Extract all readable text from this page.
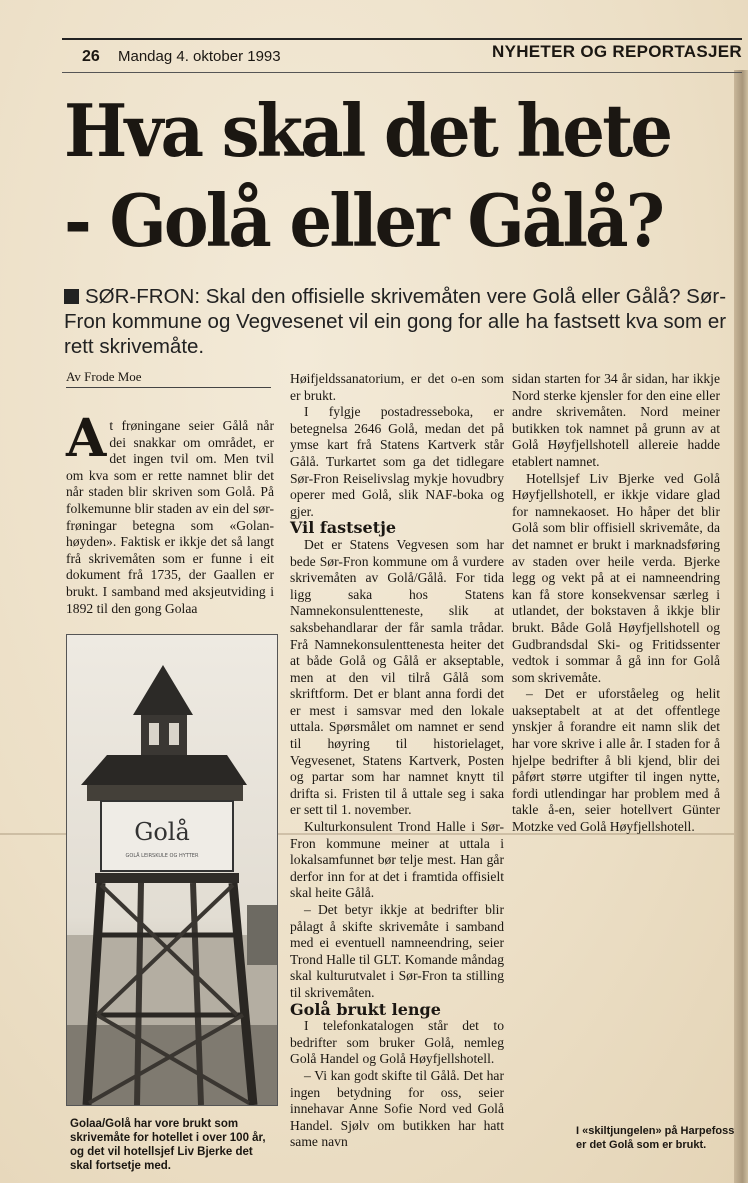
26 Mandag 4. oktober 1993	NYHETER OG REPORTASJER
Hva skal det hete
- Golå eller Gålå?

SØR-FRON: Skal den offisielle skrivemåten vere Golå eller Gålå? Sør-Fron kommune og Vegvesenet vil ein gong for alle ha fastsett kva som er rett skrivemåte.

Av Frode Moe

At frøningane seier Gålå når dei snakkar om området, er det ingen tvil om. Men tvil om kva som er rette namnet blir det når staden blir skriven som Golå. På folkemunne blir staden av ein del sør-frøningar betegna som «Golan-høyden». Faktisk er ikkje det så langt frå skrivemåten som er funne i eit dokument frå 1735, der Gaallen er brukt. I samband med aksjeutviding i 1892 til den gong Golaa

Golå
GOLÅ LEIRSKULE OG HYTTER

Golaa/Golå har vore brukt som skrivemåte for hotellet i over 100 år, og det vil hotellsjef Liv Bjerke det skal fortsetje med.

Høifjeldssanatorium, er det o-en som er brukt.

I fylgje postadresseboka, er betegnelsa 2646 Golå, medan det på ymse kart frå Statens Kartverk står Gålå. Turkartet som ga det tidlegare Sør-Fron Reiselivslag mykje hovudbry operer med Golå, slik NAF-boka og gjer.

Vil fastsetje

Det er Statens Vegvesen som har bede Sør-Fron kommune om å vurdere skrivemåten av Golå/Gålå. For tida ligg saka hos Statens Namnekonsulentteneste, slik at saksbehandlarar der får samla trådar. Frå Namnekonsulenttenesta heiter det at både Golå og Gålå er akseptable, men at den vil tilrå Gålå som skriftform. Det er blant anna fordi det er mest i samsvar med den lokale uttala. Spørsmålet om namnet er send til høyring til historielaget, Vegvesenet, Statens Kartverk, Posten og partar som har namnet knytt til drifta si. Fristen til å uttale seg i saka er sett til 1. november.

Kulturkonsulent Trond Halle i Sør-Fron kommune meiner at uttala i lokalsamfunnet bør telje mest. Han går derfor inn for at det i framtida offisielt skal heite Gålå.

– Det betyr ikkje at bedrifter blir pålagt å skifte skrivemåte i samband med ei eventuell namneendring, seier Trond Halle til GLT. Komande måndag skal kulturutvalet i Sør-Fron ta stilling til skrivemåten.

Golå brukt lenge

I telefonkatalogen står det to bedrifter som bruker Golå, nemleg Golå Handel og Golå Høyfjellshotell.

– Vi kan godt skifte til Gålå. Det har ingen betydning for oss, seier innehavar Anne Sofie Nord ved Golå Handel. Sjølv om butikken har hatt same navn

sidan starten for 34 år sidan, har ikkje Nord sterke kjensler for den eine eller andre skrivemåten. Nord meiner butikken tok namnet på grunn av at Golå Høyfjellshotell allereie hadde etablert namnet.

Hotellsjef Liv Bjerke ved Golå Høyfjellshotell, er ikkje vidare glad for namnekaoset. Ho håper det blir Golå som blir offisiell skrivemåte, da det namnet er brukt i marknadsføring av staden over heile verda. Bjerke legg og vekt på at ei namneendring kan få store konsekvensar særleg i utlandet, der bokstaven å ikkje blir brukt. Både Golå Høyfjellshotell og Gudbrandsdal Ski- og Fritidssenter vedtok i sommar å gå inn for Golå som skrivemåte.

– Det er uforståeleg og helit uakseptabelt at at det offentlege ynskjer å forandre eit namn slik det har vore skrive i alle år. I staden for å hjelpe bedrifter å bli kjend, blir dei påført større utgifter til ingen nytte, fordi utlendingar har problem med å takle å-en, seier hotellvert Günter Motzke ved Golå Høyfjellshotell.

I «skiltjungelen» på Harpefoss er det Golå som er brukt.
